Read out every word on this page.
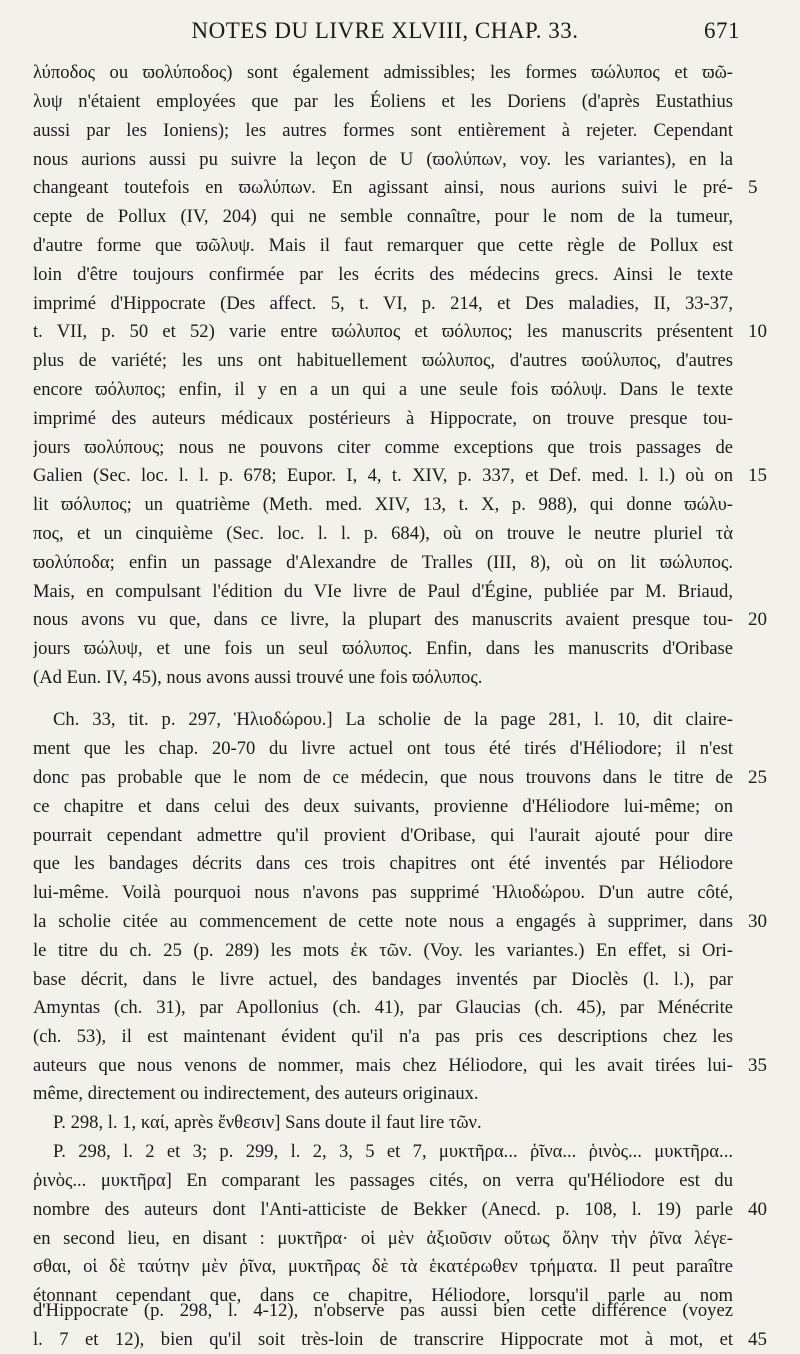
NOTES DU LIVRE XLVIII, CHAP. 33.	671
λύποδος ou ϖολύποδος) sont également admissibles; les formes ϖώλυπος et ϖῶ-
λυψ n'étaient employées que par les Éoliens et les Doriens (d'après Eustathius
aussi par les Ioniens); les autres formes sont entièrement à rejeter. Cependant
nous aurions aussi pu suivre la leçon de U (ϖολύπων, voy. les variantes), en la
changeant toutefois en ϖωλύπων. En agissant ainsi, nous aurions suivi le pré-
cepte de Pollux (IV, 204) qui ne semble connaître, pour le nom de la tumeur,
d'autre forme que ϖῶλυψ. Mais il faut remarquer que cette règle de Pollux est
loin d'être toujours confirmée par les écrits des médecins grecs. Ainsi le texte
imprimé d'Hippocrate (Des affect. 5, t. VI, p. 214, et Des maladies, II, 33-37,
t. VII, p. 50 et 52) varie entre ϖώλυπος et ϖόλυπος; les manuscrits présentent
plus de variété; les uns ont habituellement ϖώλυπος, d'autres ϖούλυπος, d'autres
encore ϖόλυπος; enfin, il y en a un qui a une seule fois ϖόλυψ. Dans le texte
imprimé des auteurs médicaux postérieurs à Hippocrate, on trouve presque tou-
jours ϖολύπους; nous ne pouvons citer comme exceptions que trois passages de
Galien (Sec. loc. l. l. p. 678; Eupor. I, 4, t. XIV, p. 337, et Def. med. l. l.) où on
lit ϖόλυπος; un quatrième (Meth. med. XIV, 13, t. X, p. 988), qui donne ϖώλυ-
πος, et un cinquième (Sec. loc. l. l. p. 684), où on trouve le neutre pluriel τὰ
ϖολύποδα; enfin un passage d'Alexandre de Tralles (III, 8), où on lit ϖώλυπος.
Mais, en compulsant l'édition du VIe livre de Paul d'Égine, publiée par M. Briaud,
nous avons vu que, dans ce livre, la plupart des manuscrits avaient presque tou-
jours ϖώλυψ, et une fois un seul ϖόλυπος. Enfin, dans les manuscrits d'Oribase
(Ad Eun. IV, 45), nous avons aussi trouvé une fois ϖόλυπος.
Ch. 33, tit. p. 297, Ἡλιοδώρου.] La scholie de la page 281, l. 10, dit claire-
ment que les chap. 20-70 du livre actuel ont tous été tirés d'Héliodore; il n'est
donc pas probable que le nom de ce médecin, que nous trouvons dans le titre de
ce chapitre et dans celui des deux suivants, provienne d'Héliodore lui-même; on
pourrait cependant admettre qu'il provient d'Oribase, qui l'aurait ajouté pour dire
que les bandages décrits dans ces trois chapitres ont été inventés par Héliodore
lui-même. Voilà pourquoi nous n'avons pas supprimé Ἡλιοδώρου. D'un autre côté,
la scholie citée au commencement de cette note nous a engagés à supprimer, dans
le titre du ch. 25 (p. 289) les mots ἐκ τῶν. (Voy. les variantes.) En effet, si Ori-
base décrit, dans le livre actuel, des bandages inventés par Dioclès (l. l.), par
Amyntas (ch. 31), par Apollonius (ch. 41), par Glaucias (ch. 45), par Ménécrite
(ch. 53), il est maintenant évident qu'il n'a pas pris ces descriptions chez les
auteurs que nous venons de nommer, mais chez Héliodore, qui les avait tirées lui-
même, directement ou indirectement, des auteurs originaux.
P. 298, l. 1, καί, après ἔνθεσιν] Sans doute il faut lire τῶν.
P. 298, l. 2 et 3; p. 299, l. 2, 3, 5 et 7, μυκτῆρα... ῥῖνα... ῥινὸς... μυκτῆρα...
ῥινὸς... μυκτῆρα] En comparant les passages cités, on verra qu'Héliodore est du
nombre des auteurs dont l'Anti-atticiste de Bekker (Anecd. p. 108, l. 19) parle
en second lieu, en disant : μυκτῆρα· οἱ μὲν ἀξιοῦσιν οὕτως ὅλην τὴν ῥῖνα λέγε-
σθαι, οἱ δὲ ταύτην μὲν ῥῖνα, μυκτῆρας δὲ τὰ ἑκατέρωθεν τρήματα. Il peut paraître
étonnant cependant que, dans ce chapitre, Héliodore, lorsqu'il parle au nom
d'Hippocrate (p. 298, l. 4-12), n'observe pas aussi bien cette différence (voyez
l. 7 et 12), bien qu'il soit très-loin de transcrire Hippocrate mot à mot, et
5
10
15
20
25
30
35
40
45
